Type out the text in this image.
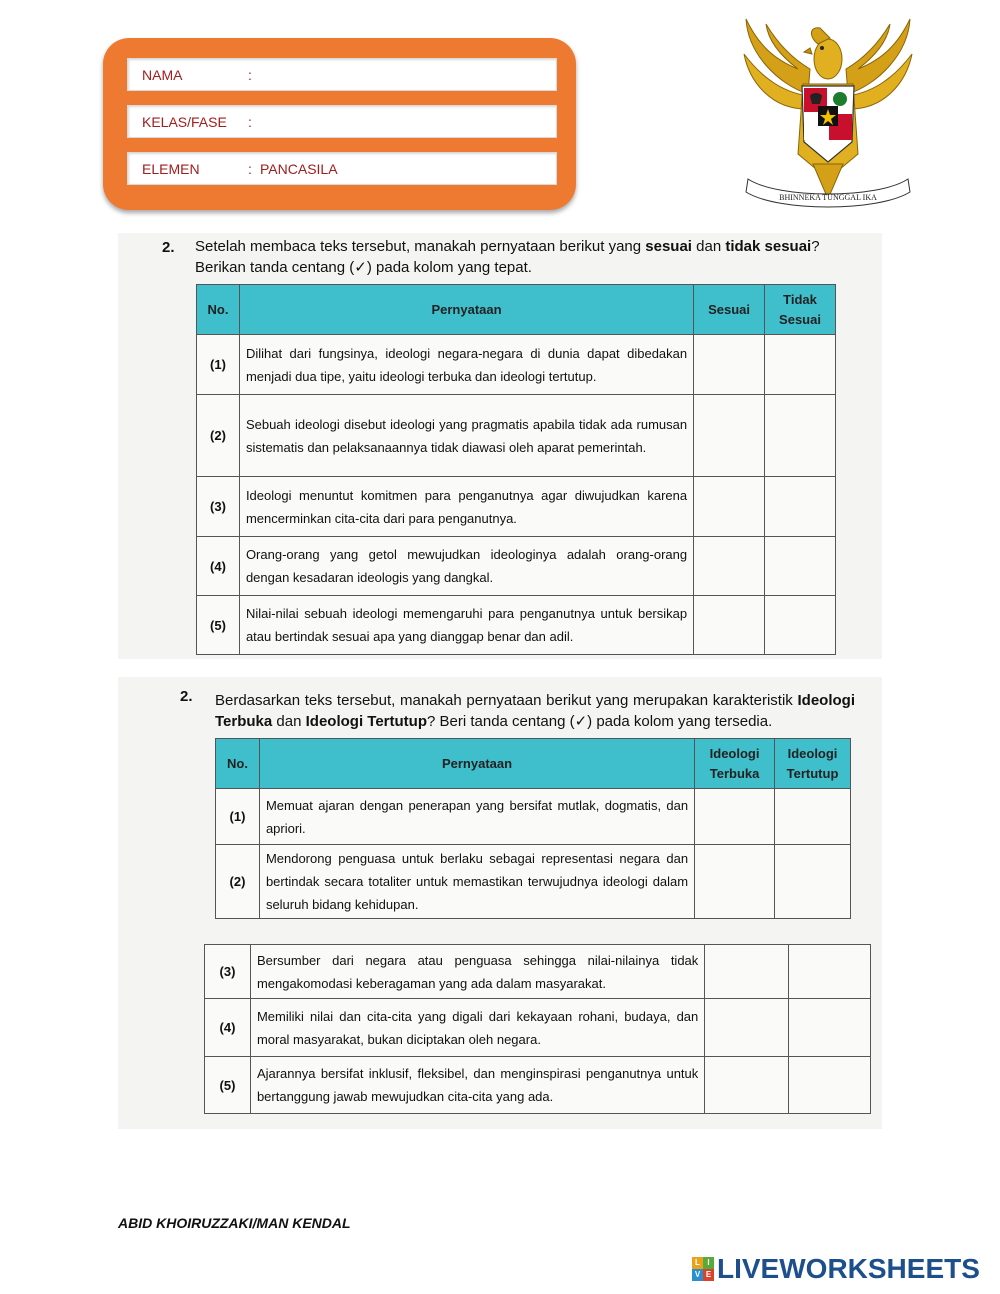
NAMA	:
KELAS/FASE	:
ELEMEN	: PANCASILA
BHINNEKA TUNGGAL IKA
2. Setelah membaca teks tersebut, manakah pernyataan berikut yang sesuai dan tidak sesuai?
Berikan tanda centang (✓) pada kolom yang tepat.
No.	Pernyataan	Sesuai	Tidak Sesuai
(1)	Dilihat dari fungsinya, ideologi negara-negara di dunia dapat dibedakan menjadi dua tipe, yaitu ideologi terbuka dan ideologi tertutup.		
(2)	Sebuah ideologi disebut ideologi yang pragmatis apabila tidak ada rumusan sistematis dan pelaksanaannya tidak diawasi oleh aparat pemerintah.		
(3)	Ideologi menuntut komitmen para penganutnya agar diwujudkan karena mencerminkan cita-cita dari para penganutnya.		
(4)	Orang-orang yang getol mewujudkan ideologinya adalah orang-orang dengan kesadaran ideologis yang dangkal.		
(5)	Nilai-nilai sebuah ideologi memengaruhi para penganutnya untuk bersikap atau bertindak sesuai apa yang dianggap benar dan adil.		
2. Berdasarkan teks tersebut, manakah pernyataan berikut yang merupakan karakteristik Ideologi Terbuka dan Ideologi Tertutup? Beri tanda centang (✓) pada kolom yang tersedia.
No.	Pernyataan	Ideologi Terbuka	Ideologi Tertutup
(1)	Memuat ajaran dengan penerapan yang bersifat mutlak, dogmatis, dan apriori.		
(2)	Mendorong penguasa untuk berlaku sebagai representasi negara dan bertindak secara totaliter untuk memastikan terwujudnya ideologi dalam seluruh bidang kehidupan.		
(3)	Bersumber dari negara atau penguasa sehingga nilai-nilainya tidak mengakomodasi keberagaman yang ada dalam masyarakat.		
(4)	Memiliki nilai dan cita-cita yang digali dari kekayaan rohani, budaya, dan moral masyarakat, bukan diciptakan oleh negara.		
(5)	Ajarannya bersifat inklusif, fleksibel, dan menginspirasi penganutnya untuk bertanggung jawab mewujudkan cita-cita yang ada.		
ABID KHOIRUZZAKI/MAN KENDAL
L I
V E LIVEWORKSHEETS
